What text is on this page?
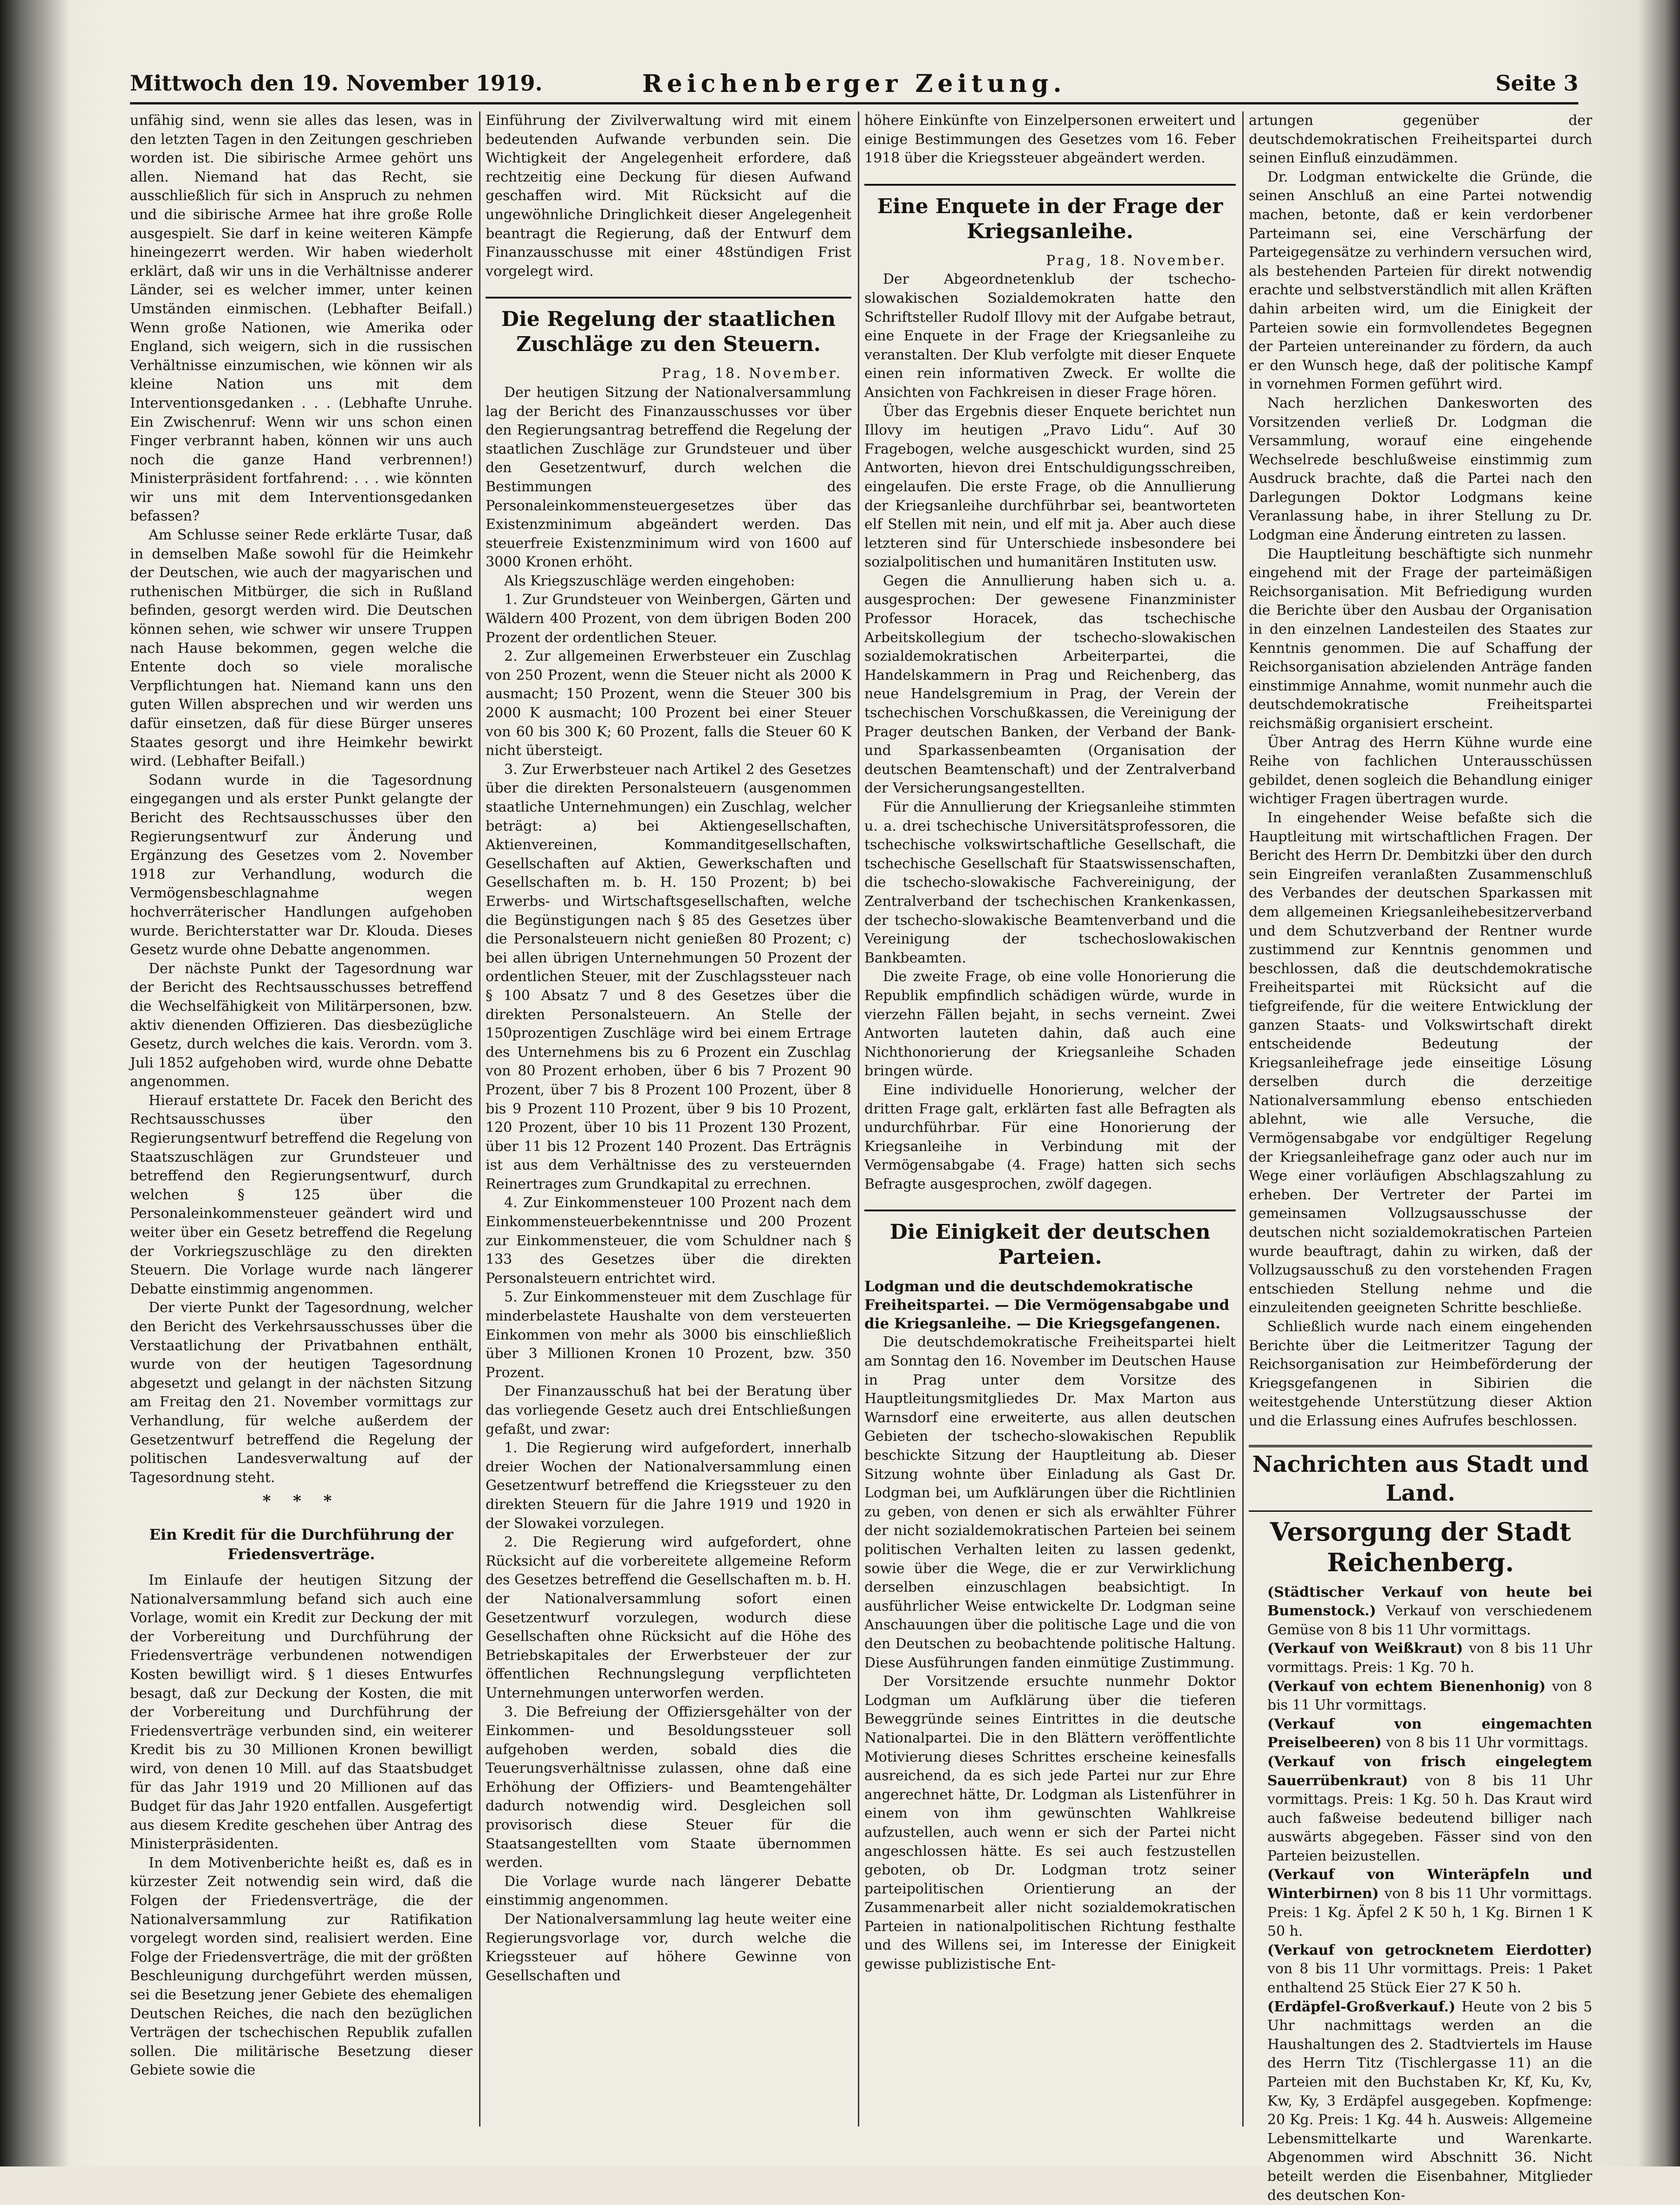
Mittwoch den 19. November 1919.	Reichenberger Zeitung.	Seite 3

unfähig sind, wenn sie alles das lesen, was in den letzten Tagen in den Zeitungen geschrieben worden ist. Die sibirische Armee gehört uns allen. Niemand hat das Recht, sie ausschließlich für sich in Anspruch zu nehmen und die sibirische Armee hat ihre große Rolle ausgespielt. Sie darf in keine weiteren Kämpfe hineingezerrt werden. Wir haben wiederholt erklärt, daß wir uns in die Verhältnisse anderer Länder, sei es welcher immer, unter keinen Umständen einmischen. (Lebhafter Beifall.) Wenn große Nationen, wie Amerika oder England, sich weigern, sich in die russischen Verhältnisse einzumischen, wie können wir als kleine Nation uns mit dem Interventionsgedanken . . . (Lebhafte Unruhe. Ein Zwischenruf: Wenn wir uns schon einen Finger verbrannt haben, können wir uns auch noch die ganze Hand verbrennen!) Ministerpräsident fortfahrend: . . . wie könnten wir uns mit dem Interventionsgedanken befassen?

Am Schlusse seiner Rede erklärte Tusar, daß in demselben Maße sowohl für die Heimkehr der Deutschen, wie auch der magyarischen und ruthenischen Mitbürger, die sich in Rußland befinden, gesorgt werden wird. Die Deutschen können sehen, wie schwer wir unsere Truppen nach Hause bekommen, gegen welche die Entente doch so viele moralische Verpflichtungen hat. Niemand kann uns den guten Willen absprechen und wir werden uns dafür einsetzen, daß für diese Bürger unseres Staates gesorgt und ihre Heimkehr bewirkt wird. (Lebhafter Beifall.)

Sodann wurde in die Tagesordnung eingegangen und als erster Punkt gelangte der Bericht des Rechtsausschusses über den Regierungsentwurf zur Änderung und Ergänzung des Gesetzes vom 2. November 1918 zur Verhandlung, wodurch die Vermögensbeschlagnahme wegen hochverräterischer Handlungen aufgehoben wurde. Berichterstatter war Dr. Klouda. Dieses Gesetz wurde ohne Debatte angenommen.

Der nächste Punkt der Tagesordnung war der Bericht des Rechtsausschusses betreffend die Wechselfähigkeit von Militärpersonen, bzw. aktiv dienenden Offizieren. Das diesbezügliche Gesetz, durch welches die kais. Verordn. vom 3. Juli 1852 aufgehoben wird, wurde ohne Debatte angenommen.

Hierauf erstattete Dr. Facek den Bericht des Rechtsausschusses über den Regierungsentwurf betreffend die Regelung von Staatszuschlägen zur Grundsteuer und betreffend den Regierungsentwurf, durch welchen § 125 über die Personaleinkommensteuer geändert wird und weiter über ein Gesetz betreffend die Regelung der Vorkriegszuschläge zu den direkten Steuern. Die Vorlage wurde nach längerer Debatte einstimmig angenommen.

Der vierte Punkt der Tagesordnung, welcher den Bericht des Verkehrsausschusses über die Verstaatlichung der Privatbahnen enthält, wurde von der heutigen Tagesordnung abgesetzt und gelangt in der nächsten Sitzung am Freitag den 21. November vormittags zur Verhandlung, für welche außerdem der Gesetzentwurf betreffend die Regelung der politischen Landesverwaltung auf der Tagesordnung steht.

* * *
Ein Kredit für die Durchführung der Friedensverträge.

Im Einlaufe der heutigen Sitzung der Nationalversammlung befand sich auch eine Vorlage, womit ein Kredit zur Deckung der mit der Vorbereitung und Durchführung der Friedensverträge verbundenen notwendigen Kosten bewilligt wird. § 1 dieses Entwurfes besagt, daß zur Deckung der Kosten, die mit der Vorbereitung und Durchführung der Friedensverträge verbunden sind, ein weiterer Kredit bis zu 30 Millionen Kronen bewilligt wird, von denen 10 Mill. auf das Staatsbudget für das Jahr 1919 und 20 Millionen auf das Budget für das Jahr 1920 entfallen. Ausgefertigt aus diesem Kredite geschehen über Antrag des Ministerpräsidenten.

In dem Motivenberichte heißt es, daß es in kürzester Zeit notwendig sein wird, daß die Folgen der Friedensverträge, die der Nationalversammlung zur Ratifikation vorgelegt worden sind, realisiert werden. Eine Folge der Friedensverträge, die mit der größten Beschleunigung durchgeführt werden müssen, sei die Besetzung jener Gebiete des ehemaligen Deutschen Reiches, die nach den bezüglichen Verträgen der tschechischen Republik zufallen sollen. Die militärische Besetzung dieser Gebiete sowie die

Einführung der Zivilverwaltung wird mit einem bedeutenden Aufwande verbunden sein. Die Wichtigkeit der Angelegenheit erfordere, daß rechtzeitig eine Deckung für diesen Aufwand geschaffen wird. Mit Rücksicht auf die ungewöhnliche Dringlichkeit dieser Angelegenheit beantragt die Regierung, daß der Entwurf dem Finanzausschusse mit einer 48stündigen Frist vorgelegt wird.

Die Regelung der staatlichen Zuschläge zu den Steuern.

Prag, 18. November.

Der heutigen Sitzung der Nationalversammlung lag der Bericht des Finanzausschusses vor über den Regierungsantrag betreffend die Regelung der staatlichen Zuschläge zur Grundsteuer und über den Gesetzentwurf, durch welchen die Bestimmungen des Personaleinkommensteuergesetzes über das Existenzminimum abgeändert werden. Das steuerfreie Existenzminimum wird von 1600 auf 3000 Kronen erhöht.

Als Kriegszuschläge werden eingehoben:

1. Zur Grundsteuer von Weinbergen, Gärten und Wäldern 400 Prozent, von dem übrigen Boden 200 Prozent der ordentlichen Steuer.

2. Zur allgemeinen Erwerbsteuer ein Zuschlag von 250 Prozent, wenn die Steuer nicht als 2000 K ausmacht; 150 Prozent, wenn die Steuer 300 bis 2000 K ausmacht; 100 Prozent bei einer Steuer von 60 bis 300 K; 60 Prozent, falls die Steuer 60 K nicht übersteigt.

3. Zur Erwerbsteuer nach Artikel 2 des Gesetzes über die direkten Personalsteuern (ausgenommen staatliche Unternehmungen) ein Zuschlag, welcher beträgt: a) bei Aktiengesellschaften, Aktienvereinen, Kommanditgesellschaften, Gesellschaften auf Aktien, Gewerkschaften und Gesellschaften m. b. H. 150 Prozent; b) bei Erwerbs- und Wirtschaftsgesellschaften, welche die Begünstigungen nach § 85 des Gesetzes über die Personalsteuern nicht genießen 80 Prozent; c) bei allen übrigen Unternehmungen 50 Prozent der ordentlichen Steuer, mit der Zuschlagssteuer nach § 100 Absatz 7 und 8 des Gesetzes über die direkten Personalsteuern. An Stelle der 150prozentigen Zuschläge wird bei einem Ertrage des Unternehmens bis zu 6 Prozent ein Zuschlag von 80 Prozent erhoben, über 6 bis 7 Prozent 90 Prozent, über 7 bis 8 Prozent 100 Prozent, über 8 bis 9 Prozent 110 Prozent, über 9 bis 10 Prozent, 120 Prozent, über 10 bis 11 Prozent 130 Prozent, über 11 bis 12 Prozent 140 Prozent. Das Erträgnis ist aus dem Verhältnisse des zu versteuernden Reinertrages zum Grundkapital zu errechnen.

4. Zur Einkommensteuer 100 Prozent nach dem Einkommensteuerbekenntnisse und 200 Prozent zur Einkommensteuer, die vom Schuldner nach § 133 des Gesetzes über die direkten Personalsteuern entrichtet wird.

5. Zur Einkommensteuer mit dem Zuschlage für minderbelastete Haushalte von dem versteuerten Einkommen von mehr als 3000 bis einschließlich über 3 Millionen Kronen 10 Prozent, bzw. 350 Prozent.

Der Finanzausschuß hat bei der Beratung über das vorliegende Gesetz auch drei Entschließungen gefaßt, und zwar:

1. Die Regierung wird aufgefordert, innerhalb dreier Wochen der Nationalversammlung einen Gesetzentwurf betreffend die Kriegssteuer zu den direkten Steuern für die Jahre 1919 und 1920 in der Slowakei vorzulegen.

2. Die Regierung wird aufgefordert, ohne Rücksicht auf die vorbereitete allgemeine Reform des Gesetzes betreffend die Gesellschaften m. b. H. der Nationalversammlung sofort einen Gesetzentwurf vorzulegen, wodurch diese Gesellschaften ohne Rücksicht auf die Höhe des Betriebskapitales der Erwerbsteuer der zur öffentlichen Rechnungslegung verpflichteten Unternehmungen unterworfen werden.

3. Die Befreiung der Offiziersgehälter von der Einkommen- und Besoldungssteuer soll aufgehoben werden, sobald dies die Teuerungsverhältnisse zulassen, ohne daß eine Erhöhung der Offiziers- und Beamtengehälter dadurch notwendig wird. Desgleichen soll provisorisch diese Steuer für die Staatsangestellten vom Staate übernommen werden.

Die Vorlage wurde nach längerer Debatte einstimmig angenommen.

Der Nationalversammlung lag heute weiter eine Regierungsvorlage vor, durch welche die Kriegssteuer auf höhere Gewinne von Gesellschaften und

höhere Einkünfte von Einzelpersonen erweitert und einige Bestimmungen des Gesetzes vom 16. Feber 1918 über die Kriegssteuer abgeändert werden.

Eine Enquete in der Frage der Kriegsanleihe.

Prag, 18. November.

Der Abgeordnetenklub der tschecho-slowakischen Sozialdemokraten hatte den Schriftsteller Rudolf Illovy mit der Aufgabe betraut, eine Enquete in der Frage der Kriegsanleihe zu veranstalten. Der Klub verfolgte mit dieser Enquete einen rein informativen Zweck. Er wollte die Ansichten von Fachkreisen in dieser Frage hören.

Über das Ergebnis dieser Enquete berichtet nun Illovy im heutigen „Pravo Lidu“. Auf 30 Fragebogen, welche ausgeschickt wurden, sind 25 Antworten, hievon drei Entschuldigungsschreiben, eingelaufen. Die erste Frage, ob die Annullierung der Kriegsanleihe durchführbar sei, beantworteten elf Stellen mit nein, und elf mit ja. Aber auch diese letzteren sind für Unterschiede insbesondere bei sozialpolitischen und humanitären Instituten usw.

Gegen die Annullierung haben sich u. a. ausgesprochen: Der gewesene Finanzminister Professor Horacek, das tschechische Arbeitskollegium der tschecho-slowakischen sozialdemokratischen Arbeiterpartei, die Handelskammern in Prag und Reichenberg, das neue Handelsgremium in Prag, der Verein der tschechischen Vorschußkassen, die Vereinigung der Prager deutschen Banken, der Verband der Bank- und Sparkassenbeamten (Organisation der deutschen Beamtenschaft) und der Zentralverband der Versicherungsangestellten.

Für die Annullierung der Kriegsanleihe stimmten u. a. drei tschechische Universitätsprofessoren, die tschechische volkswirtschaftliche Gesellschaft, die tschechische Gesellschaft für Staatswissenschaften, die tschecho-slowakische Fachvereinigung, der Zentralverband der tschechischen Krankenkassen, der tschecho-slowakische Beamtenverband und die Vereinigung der tschechoslowakischen Bankbeamten.

Die zweite Frage, ob eine volle Honorierung die Republik empfindlich schädigen würde, wurde in vierzehn Fällen bejaht, in sechs verneint. Zwei Antworten lauteten dahin, daß auch eine Nichthonorierung der Kriegsanleihe Schaden bringen würde.

Eine individuelle Honorierung, welcher der dritten Frage galt, erklärten fast alle Befragten als undurchführbar. Für eine Honorierung der Kriegsanleihe in Verbindung mit der Vermögensabgabe (4. Frage) hatten sich sechs Befragte ausgesprochen, zwölf dagegen.

Die Einigkeit der deutschen Parteien.

Lodgman und die deutschdemokratische Freiheitspartei. — Die Vermögensabgabe und die Kriegsanleihe. — Die Kriegsgefangenen.

Die deutschdemokratische Freiheitspartei hielt am Sonntag den 16. November im Deutschen Hause in Prag unter dem Vorsitze des Hauptleitungsmitgliedes Dr. Max Marton aus Warnsdorf eine erweiterte, aus allen deutschen Gebieten der tschecho-slowakischen Republik beschickte Sitzung der Hauptleitung ab. Dieser Sitzung wohnte über Einladung als Gast Dr. Lodgman bei, um Aufklärungen über die Richtlinien zu geben, von denen er sich als erwählter Führer der nicht sozialdemokratischen Parteien bei seinem politischen Verhalten leiten zu lassen gedenkt, sowie über die Wege, die er zur Verwirklichung derselben einzuschlagen beabsichtigt. In ausführlicher Weise entwickelte Dr. Lodgman seine Anschauungen über die politische Lage und die von den Deutschen zu beobachtende politische Haltung. Diese Ausführungen fanden einmütige Zustimmung.

Der Vorsitzende ersuchte nunmehr Doktor Lodgman um Aufklärung über die tieferen Beweggründe seines Eintrittes in die deutsche Nationalpartei. Die in den Blättern veröffentlichte Motivierung dieses Schrittes erscheine keinesfalls ausreichend, da es sich jede Partei nur zur Ehre angerechnet hätte, Dr. Lodgman als Listenführer in einem von ihm gewünschten Wahlkreise aufzustellen, auch wenn er sich der Partei nicht angeschlossen hätte. Es sei auch festzustellen geboten, ob Dr. Lodgman trotz seiner parteipolitischen Orientierung an der Zusammenarbeit aller nicht sozialdemokratischen Parteien in nationalpolitischen Richtung festhalte und des Willens sei, im Interesse der Einigkeit gewisse publizistische Ent-

artungen gegenüber der deutschdemokratischen Freiheitspartei durch seinen Einfluß einzudämmen.

Dr. Lodgman entwickelte die Gründe, die seinen Anschluß an eine Partei notwendig machen, betonte, daß er kein verdorbener Parteimann sei, eine Verschärfung der Parteigegensätze zu verhindern versuchen wird, als bestehenden Parteien für direkt notwendig erachte und selbstverständlich mit allen Kräften dahin arbeiten wird, um die Einigkeit der Parteien sowie ein formvollendetes Begegnen der Parteien untereinander zu fördern, da auch er den Wunsch hege, daß der politische Kampf in vornehmen Formen geführt wird.

Nach herzlichen Dankesworten des Vorsitzenden verließ Dr. Lodgman die Versammlung, worauf eine eingehende Wechselrede beschlußweise einstimmig zum Ausdruck brachte, daß die Partei nach den Darlegungen Doktor Lodgmans keine Veranlassung habe, in ihrer Stellung zu Dr. Lodgman eine Änderung eintreten zu lassen.

Die Hauptleitung beschäftigte sich nunmehr eingehend mit der Frage der parteimäßigen Reichsorganisation. Mit Befriedigung wurden die Berichte über den Ausbau der Organisation in den einzelnen Landesteilen des Staates zur Kenntnis genommen. Die auf Schaffung der Reichsorganisation abzielenden Anträge fanden einstimmige Annahme, womit nunmehr auch die deutschdemokratische Freiheitspartei reichsmäßig organisiert erscheint.

Über Antrag des Herrn Kühne wurde eine Reihe von fachlichen Unterausschüssen gebildet, denen sogleich die Behandlung einiger wichtiger Fragen übertragen wurde.

In eingehender Weise befaßte sich die Hauptleitung mit wirtschaftlichen Fragen. Der Bericht des Herrn Dr. Dembitzki über den durch sein Eingreifen veranlaßten Zusammenschluß des Verbandes der deutschen Sparkassen mit dem allgemeinen Kriegsanleihebesitzerverband und dem Schutzverband der Rentner wurde zustimmend zur Kenntnis genommen und beschlossen, daß die deutschdemokratische Freiheitspartei mit Rücksicht auf die tiefgreifende, für die weitere Entwicklung der ganzen Staats- und Volkswirtschaft direkt entscheidende Bedeutung der Kriegsanleihefrage jede einseitige Lösung derselben durch die derzeitige Nationalversammlung ebenso entschieden ablehnt, wie alle Versuche, die Vermögensabgabe vor endgültiger Regelung der Kriegsanleihefrage ganz oder auch nur im Wege einer vorläufigen Abschlagszahlung zu erheben. Der Vertreter der Partei im gemeinsamen Vollzugsausschusse der deutschen nicht sozialdemokratischen Parteien wurde beauftragt, dahin zu wirken, daß der Vollzugsausschuß zu den vorstehenden Fragen entschieden Stellung nehme und die einzuleitenden geeigneten Schritte beschließe.

Schließlich wurde nach einem eingehenden Berichte über die Leitmeritzer Tagung der Reichsorganisation zur Heimbeförderung der Kriegsgefangenen in Sibirien die weitestgehende Unterstützung dieser Aktion und die Erlassung eines Aufrufes beschlossen.

Nachrichten aus Stadt und Land.
Versorgung der Stadt Reichenberg.

(Städtischer Verkauf von heute bei Bumenstock.) Verkauf von verschiedenem Gemüse von 8 bis 11 Uhr vormittags.

(Verkauf von Weißkraut) von 8 bis 11 Uhr vormittags. Preis: 1 Kg. 70 h.

(Verkauf von echtem Bienenhonig) von 8 bis 11 Uhr vormittags.

(Verkauf von eingemachten Preiselbeeren) von 8 bis 11 Uhr vormittags.

(Verkauf von frisch eingelegtem Sauerrübenkraut) von 8 bis 11 Uhr vormittags. Preis: 1 Kg. 50 h. Das Kraut wird auch faßweise bedeutend billiger nach auswärts abgegeben. Fässer sind von den Parteien beizustellen.

(Verkauf von Winteräpfeln und Winterbirnen) von 8 bis 11 Uhr vormittags. Preis: 1 Kg. Äpfel 2 K 50 h, 1 Kg. Birnen 1 K 50 h.

(Verkauf von getrocknetem Eierdotter) von 8 bis 11 Uhr vormittags. Preis: 1 Paket enthaltend 25 Stück Eier 27 K 50 h.

(Erdäpfel-Großverkauf.) Heute von 2 bis 5 Uhr nachmittags werden an die Haushaltungen des 2. Stadtviertels im Hause des Herrn Titz (Tischlergasse 11) an die Parteien mit den Buchstaben Kr, Kf, Ku, Kv, Kw, Ky, 3 Erdäpfel ausgegeben. Kopfmenge: 20 Kg. Preis: 1 Kg. 44 h. Ausweis: Allgemeine Lebensmittelkarte und Warenkarte. Abgenommen wird Abschnitt 36. Nicht beteilt werden die Eisenbahner, Mitglieder des deutschen Kon-
